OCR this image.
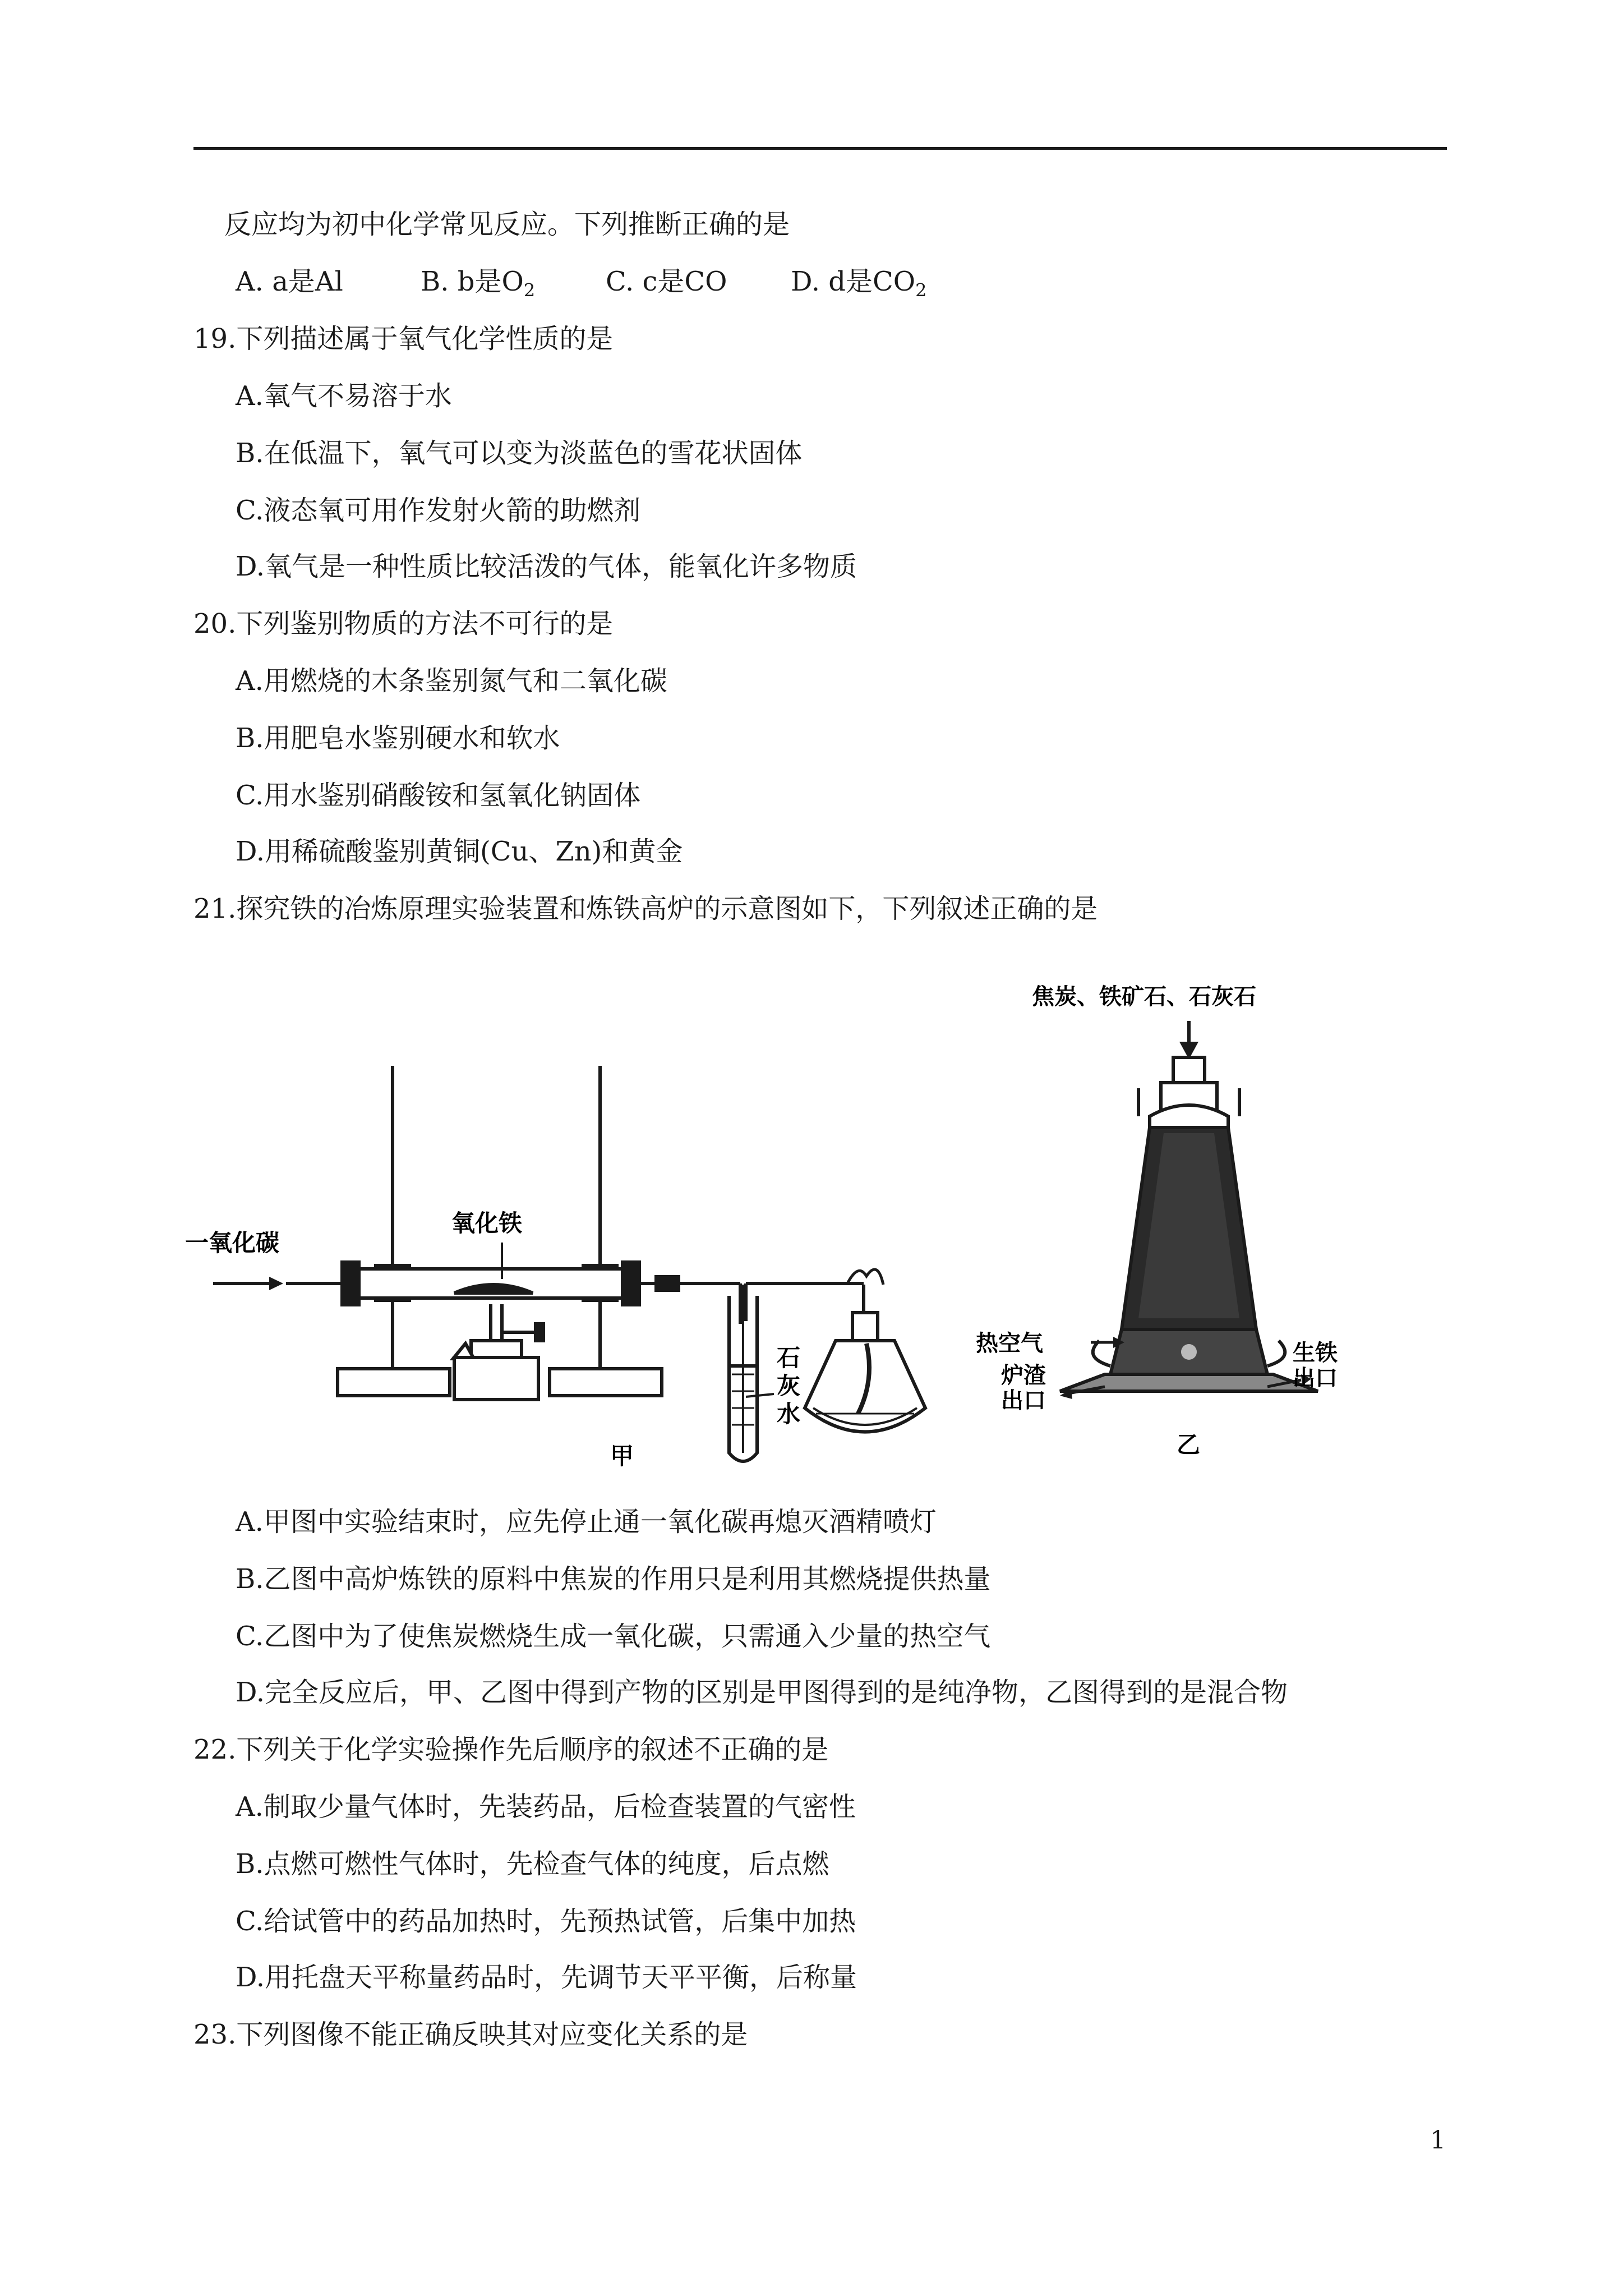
反应均为初中化学常见反应。下列推断正确的是
A. a是Al	B. b是$O_2$	C. c是CO D. d是$CO_2$
19.下列描述属于氧气化学性质的是
A.氧气不易溶于水
B.在低温下，氧气可以变为淡蓝色的雪花状固体
C.液态氧可用作发射火箭的助燃剂
D.氧气是一种性质比较活泼的气体，能氧化许多物质
20.下列鉴别物质的方法不可行的是
A.用燃烧的木条鉴别氮气和二氧化碳
B.用肥皂水鉴别硬水和软水
C.用水鉴别硝酸铵和氢氧化钠固体
D.用稀硫酸鉴别黄铜(Cu、Zn)和黄金
21.探究铁的冶炼原理实验装置和炼铁高炉的示意图如下，下列叙述正确的是
一氧化碳
氧化铁
石
灰
水
甲
焦炭、铁矿石、石灰石
热空气
炉渣
出口
生铁
出口
乙
A.甲图中实验结束时，应先停止通一氧化碳再熄灭酒精喷灯
B.乙图中高炉炼铁的原料中焦炭的作用只是利用其燃烧提供热量
C.乙图中为了使焦炭燃烧生成一氧化碳，只需通入少量的热空气
D.完全反应后，甲、乙图中得到产物的区别是甲图得到的是纯净物，乙图得到的是混合物
22.下列关于化学实验操作先后顺序的叙述不正确的是
A.制取少量气体时，先装药品，后检查装置的气密性
B.点燃可燃性气体时，先检查气体的纯度，后点燃
C.给试管中的药品加热时，先预热试管，后集中加热
D.用托盘天平称量药品时，先调节天平平衡，后称量
23.下列图像不能正确反映其对应变化关系的是
1
